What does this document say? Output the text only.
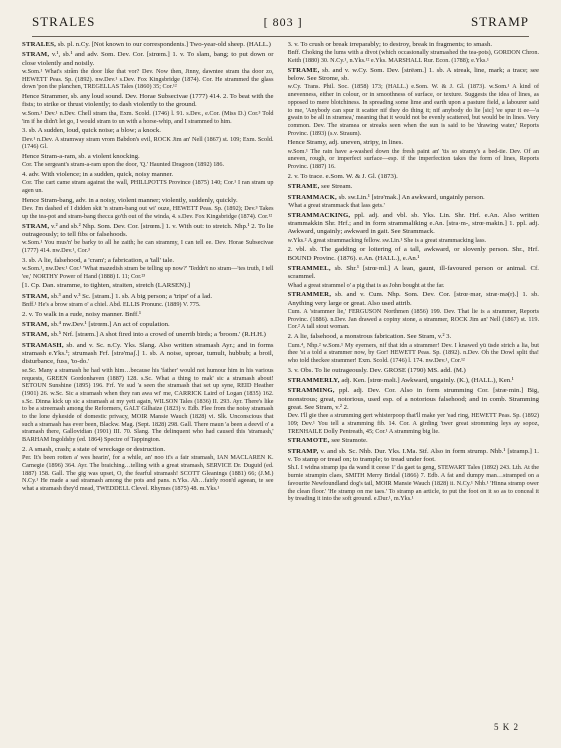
STRALES	[ 803 ]	STRAMP

STRALES, sb. pl. n.Cy. [Not known to our correspondents.] Two-year-old sheep. (HALL.)

STRAM, v.¹, sb.¹ and adv. Som. Dev. Cor. [strœm.] 1. v. To slam, bang; to put down or close violently and noisily.
w.Som.¹ What's strâm the door like that vor? Dev. Now then, Jinny, dawntee stram tha door zo, HEWETT Peas. Sp. (1892). nw.Dev.¹ s.Dev. Fox Kingsbridge (1874). Cor. He strammed the glass down 'pon the planchen, TREGELLAS Tales (1860) 35; Cor.¹²

Hence Strammer, sb. any loud sound. Dev. Horae Subsecivae (1777) 414. 2. To beat with the fists; to strike or thrust violently; to dash violently to the ground.
w.Som.¹ Dev.¹ n.Dev. Chell stram tha, Exm. Scold. (1746) l. 91. s.Dev., e.Cor. (Miss D.) Cor.³ Told 'im if he didn't let go, I would stram to un with a horse-whip, and I strammed to him.

3. sb. A sudden, loud, quick noise; a blow; a knock.
Dev.¹ n.Dev. A stramway stram vrom Babdon's evil, ROCK Jim an' Nell (1867) st. 109; Exm. Scold. (1746) Gl.

Hence Stram-a-ram, sb. a violent knocking.
Cor. The sergeant's stram-a-ram upon the door, 'Q.' Haunted Dragoon (1892) 186.

4. adv. With violence; in a sudden, quick, noisy manner.
Cor. The cart came stram against the wall, PHILLPOTTS Province (1875) 140; Cor.¹ I ran stram up agen un.

Hence Stram-bang, adv. in a noisy, violent manner; violently, suddenly, quickly.
Dev. I'm dashed ef I didden skit 'n stram-bang out wi' ouze, HEWETT Peas. Sp. (1892); Dev.³ Takes up the tea-pot and stram-bang thecca go'th out of the winda, 4. s.Dev. Fox Kingsbridge (1874). Cor.¹²

STRAM, v.² and sb.² Nhp. Som. Dev. Cor. [strœm.] 1. v. With out: to stretch. Nhp.¹ 2. To lie outrageously; to tell fibs or falsehoods.
w.Som.¹ You mus'n' be barky to all he zaith; he can strammy, I can tell ee. Dev. Horae Subsecivae (1777) 414. nw.Dev.¹, Cor.³

3. sb. A lie, falsehood, a 'cram'; a fabrication, a 'tall' tale.
w.Som.¹, nw.Dev.¹ Cor.¹ 'What mazedish stram be telling up now?' 'Teddn't no stram—'tes truth, I tell 'ee,' NORTHY Power of Hand (1888) I. 11; Cor.²³

[1. Cp. Dan. stramme, to tighten, straiten, stretch (LARSEN).]

STRAM, sb.³ and v.³ Sc. [stram.] 1. sb. A big person; a 'tripe' of a lad.
Bnff.¹ He's a brow stram o' a chiel. Abd. ELLIS Pronunc. (1889) V. 775.

2. v. To walk in a rude, noisy manner. Bnff.¹

STRAM, sb.⁴ nw.Dev.¹ [strœm.] An act of copulation.

STRAM, sb.⁵ Nrf. [stræm.] A shot fired into a crowd of unerrib birds; a 'broom.' (R.H.H.)

STRAMASH, sb. and v. Sc. n.Cy. Yks. Slang. Also written stramash Ayr.; and in forms stramash e.Yks.¹; strumash Frf. [strə'maʃ.] 1. sb. A noise, uproar, tumult, hubbub; a broil, disturbance, fuss, 'to-do.'
se.Sc. Many a stramash he had with him…because his 'father' would not humour him in his various requests, GREEN Gordonhaven (1887) 128. s.Sc. What a thing to mak' sic a stramash about! SETOUN Sunshine (1895) 196. Frf. Ye sud 'a seen the stramash that set up syne, REID Heather (1901) 26. w.Sc. Sic a stramash when they ran awa wi' me, CARRICK Laird of Logan (1835) 162. s.Sc. Dinna kick up sic a stramash at my yett again, WILSON Tales (1836) II. 293. Ayr. There's like to be a streemash among the Reformers, GALT Gilhaize (1823) v. Edb. Flee from the noisy stramash to the lone dykeside of domestic privacy, MOIR Mansie Wauch (1828) vi. Slk. Unconscious that such a stramash has ever been, Blackw. Mag. (Sept. 1828) 298. Gall. There maun 'a been a deevil o' a stramash there, Gallovidian (1901) III. 70. Slang. The delinquent who had caused this 'stramash,' BARHAM Ingoldsby (ed. 1864) Spectre of Tappington.

2. A smash, crash; a state of wreckage or destruction.
Per. It's been rotten a' wes hearin', for a while, an' noo it's a fair stramash, IAN MACLAREN K. Carnegie (1896) 364. Ayr. The braiching…telling with a great stramash, SERVICE Dr. Duguid (ed. 1887) 158. Gall. The gig was upset, O, the fearful stramash! SCOTT Gleanings (1881) 66; (J.M.) N.Cy.¹ He made a sad stramash among the pots and pans. n.Yks. Ah…fairly roon'd ageean, te see what a stramash they'd mead, TWEDDELL Clevel. Rhymes (1875) 48. m.Yks.¹

3. v. To crush or break irreparably; to destroy, break in fragments; to smash.
Bnff. Choking the lums with a divot (which occasionally stramashed the tea-pots), GORDON Chron. Keith (1880) 30. N.Cy.¹, n.Yks.¹² e.Yks. MARSHALL Rur. Econ. (1788); e.Yks.¹

STRAME, sb. and v. w.Cy. Som. Dev. [strēəm.] 1. sb. A streak, line, mark; a trace; see below. See Strome, sb.
w.Cy. Trans. Phil. Soc. (1858) 173; (HALL.) e.Som. W. & J. Gl. (1873). w.Som.¹ A kind of unevenness, either in colour, or in smoothness of surface, or texture. Suggests the idea of lines, as opposed to mere blotchiness. In spreading some lime and earth upon a pasture field, a labourer said to me, 'Anybody can spur it scatter nif they do thing it; nif anybody do lie [sic] 'ee spur it ee—'a gwain to be all in stramea,' meaning that it would not be evenly scattered, but would be in lines. Very common. Dev. The stramea or streaks seen when the sun is said to be 'drawing water,' Reports Provinc. (1893) (s.v. Straum).

Hence Stramy, adj. uneven, stripy, in lines.
w.Som.¹ The rain have a-washed down the fresh paint an' 'tis so stramy's a bed-tie. Dev. Of an uneven, rough, or imperfect surface—esp. if the imperfection takes the form of lines, Reports Provinc. (1887) 16.

2. v. To trace. e.Som. W. & J. Gl. (1873).

STRAME, see Stream.

STRAMMACK, sb. sw.Lin.¹ [strə'mak.] An awkward, ungainly person.
'What a great strammack that lass gets.'

STRAMMACKING, ppl. adj. and vbl. sb. Yks. Lin. Shr. Hrf. e.An. Also written strammakkin Shr. Hrf.; and in form strammaliking e.An. [stra·m-, strœ·makin.] 1. ppl. adj. Awkward, ungainly; awkward in gait. See Strammack.
w.Yks.² A great strammacking fellow. sw.Lin.¹ She is a great strammacking lass.

2. vbl. sb. The gadding or loitering of a tall, awkward, or slovenly person. Shr., Hrf. BOUND Provinc. (1876). e.An. (HALL.), e.An.¹

STRAMMEL, sb. Shr.¹ [strœ·ml.] A lean, gaunt, ill-favoured person or animal. Cf. scrammel.
Whad a great strammel o' a pig that is as John bought at the far.

STRAMMER, sb. and v. Cum. Nhp. Som. Dev. Cor. [strœ·mər, stræ·mə(r).] 1. sb. Anything very large or great. Also used attrib.
Cum. A 'strammer lie,' FERGUSON Northmen (1856) 199. Dev. That lie is a strammer, Reports Provinc. (1886). n.Dev. Jan drawed a copiny stone, a strammer, ROCK Jim an' Nell (1867) st. 119. Cor.² A tall stout woman.

2. A lie, falsehood, a monstrous fabrication. See Stram, v.² 3.
Cum.⁴, Nhp.² w.Som.¹ My eyemers, nif that idn a strammer! Dev. I knawed yü üsde strich a lia, but thee 'st a told a strammer now, by Gor! HEWETT Peas. Sp. (1892). n.Dev. Oh the Dowl split tha! who told theckee strammer! Exm. Scold. (1746) l. 174. nw.Dev.¹, Cor.¹²

3. v. Obs. To lie outrageously. Dev. GROSE (1790) MS. add. (M.)

STRAMMERLY, adj. Ken. [strœ·məli.] Awkward, ungainly. (K.), (HALL.), Ken.¹

STRAMMING, ppl. adj. Dev. Cor. Also in form strumming Cor. [stræ·min.] Big, monstrous; great, notorious, used esp. of a notorious falsehood; and in comb. Stramming great. See Stram, v.² 2.
Dev. I'll gie thee a strumming gert whisterpoop that'll make yer 'ead ring, HEWETT Peas. Sp. (1892) 109; Dev.¹ You tell a stramming fib. 14. Cor. A girding 'twer great stromming leys ay sopoz, TRENHAILE Dolly Pentreath, 45; Cor.¹ A stramming big lie.

STRAMOTE, see Stramote.

STRAMP, v. and sb. Sc. Nhb. Dur. Yks. I.Ma. Stf. Also in form strump. Nhb.¹ [stramp.] 1. v. To stamp or tread on; to trample; to tread under foot.
Sh.I. I widna stramp ipa da wand it ceese 1' da gaet ta geng, STEWART Tales (1892) 243. Lth. At the burnie strampin claes, SMITH Merry Bridal (1866) 7. Edb. A fat and dumpy man…stramped on a favourite Newfoundland dog's tail, MOIR Mansie Wauch (1828) ii. N.Cy.¹ Nhb.¹ 'Hinna stramp ower the clean floor.' 'He stramp on me taes.' To stramp an article, to put the foot on it so as to conceal it by treading it into the soft ground. e.Dur.¹, m.Yks.¹

5 K 2
